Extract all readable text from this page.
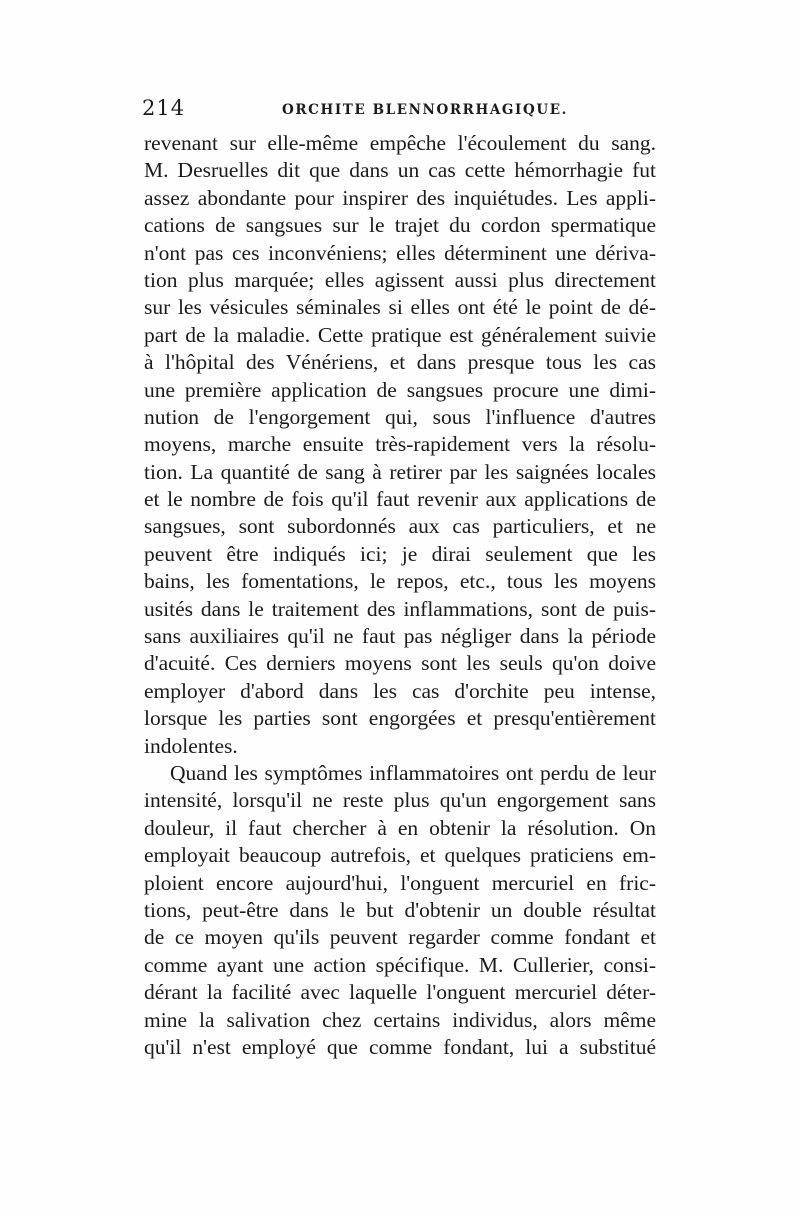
214	ORCHITE BLENNORRHAGIQUE.
revenant sur elle-même empêche l'écoulement du sang.
M. Desruelles dit que dans un cas cette hémorrhagie fut
assez abondante pour inspirer des inquiétudes. Les appli-
cations de sangsues sur le trajet du cordon spermatique
n'ont pas ces inconvéniens; elles déterminent une dériva-
tion plus marquée; elles agissent aussi plus directement
sur les vésicules séminales si elles ont été le point de dé-
part de la maladie. Cette pratique est généralement suivie
à l'hôpital des Vénériens, et dans presque tous les cas
une première application de sangsues procure une dimi-
nution de l'engorgement qui, sous l'influence d'autres
moyens, marche ensuite très-rapidement vers la résolu-
tion. La quantité de sang à retirer par les saignées locales
et le nombre de fois qu'il faut revenir aux applications de
sangsues, sont subordonnés aux cas particuliers, et ne
peuvent être indiqués ici; je dirai seulement que les
bains, les fomentations, le repos, etc., tous les moyens
usités dans le traitement des inflammations, sont de puis-
sans auxiliaires qu'il ne faut pas négliger dans la période
d'acuité. Ces derniers moyens sont les seuls qu'on doive
employer d'abord dans les cas d'orchite peu intense,
lorsque les parties sont engorgées et presqu'entièrement
indolentes.
Quand les symptômes inflammatoires ont perdu de leur
intensité, lorsqu'il ne reste plus qu'un engorgement sans
douleur, il faut chercher à en obtenir la résolution. On
employait beaucoup autrefois, et quelques praticiens em-
ploient encore aujourd'hui, l'onguent mercuriel en fric-
tions, peut-être dans le but d'obtenir un double résultat
de ce moyen qu'ils peuvent regarder comme fondant et
comme ayant une action spécifique. M. Cullerier, consi-
dérant la facilité avec laquelle l'onguent mercuriel déter-
mine la salivation chez certains individus, alors même
qu'il n'est employé que comme fondant, lui a substitué
